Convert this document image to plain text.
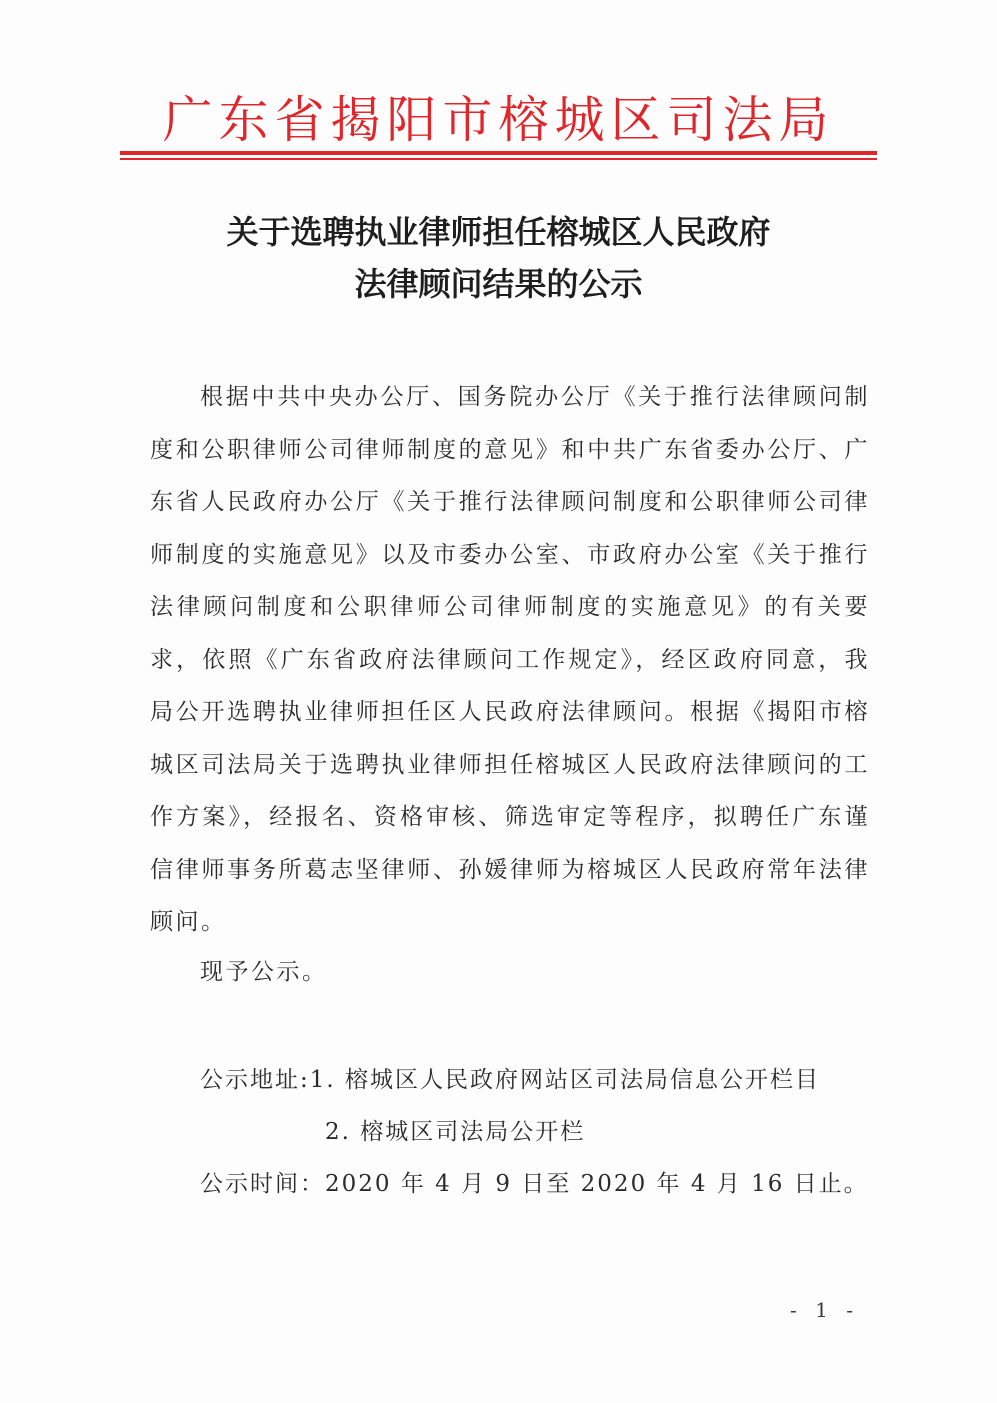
广东省揭阳市榕城区司法局
关于选聘执业律师担任榕城区人民政府
法律顾问结果的公示

根据中共中央办公厅、国务院办公厅《关于推行法律顾问制度和公职律师公司律师制度的意见》和中共广东省委办公厅、广东省人民政府办公厅《关于推行法律顾问制度和公职律师公司律师制度的实施意见》以及市委办公室、市政府办公室《关于推行法律顾问制度和公职律师公司律师制度的实施意见》的有关要求，依照《广东省政府法律顾问工作规定》，经区政府同意，我局公开选聘执业律师担任区人民政府法律顾问。根据《揭阳市榕城区司法局关于选聘执业律师担任榕城区人民政府法律顾问的工作方案》，经报名、资格审核、筛选审定等程序，拟聘任广东谨信律师事务所葛志坚律师、孙媛律师为榕城区人民政府常年法律顾问。

现予公示。
公示地址:1. 榕城区人民政府网站区司法局信息公开栏目
2. 榕城区司法局公开栏
公示时间：2020 年 4 月 9 日至 2020 年 4 月 16 日止。
- 1 -
